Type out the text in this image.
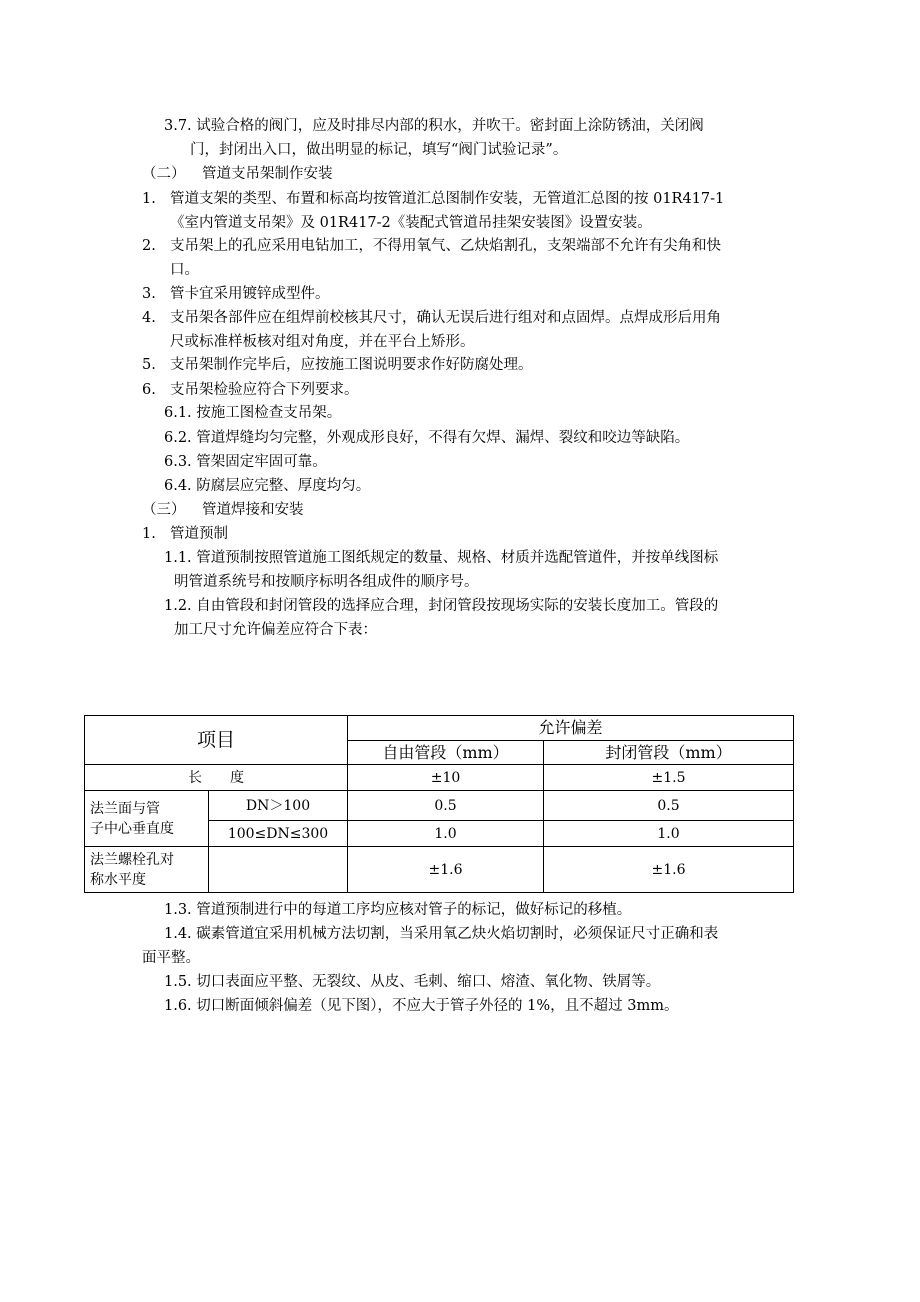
3.7. 试验合格的阀门，应及时排尽内部的积水，并吹干。密封面上涂防锈油，关闭阀
门，封闭出入口，做出明显的标记，填写“阀门试验记录”。
（二） 管道支吊架制作安装
1. 管道支架的类型、布置和标高均按管道汇总图制作安装，无管道汇总图的按 01R417-1
《室内管道支吊架》及 01R417-2《装配式管道吊挂架安装图》设置安装。
2. 支吊架上的孔应采用电钻加工，不得用氧气、乙炔焰割孔，支架端部不允许有尖角和快
口。
3. 管卡宜采用镀锌成型件。
4. 支吊架各部件应在组焊前校核其尺寸，确认无误后进行组对和点固焊。点焊成形后用角
尺或标准样板核对组对角度，并在平台上矫形。
5. 支吊架制作完毕后，应按施工图说明要求作好防腐处理。
6. 支吊架检验应符合下列要求。
6.1. 按施工图检查支吊架。
6.2. 管道焊缝均匀完整，外观成形良好，不得有欠焊、漏焊、裂纹和咬边等缺陷。
6.3. 管架固定牢固可靠。
6.4. 防腐层应完整、厚度均匀。
（三） 管道焊接和安装
1. 管道预制
1.1. 管道预制按照管道施工图纸规定的数量、规格、材质并选配管道件，并按单线图标
明管道系统号和按顺序标明各组成件的顺序号。
1.2. 自由管段和封闭管段的选择应合理，封闭管段按现场实际的安装长度加工。管段的
加工尺寸允许偏差应符合下表：
项目		允许偏差	
		自由管段（mm）	封闭管段（mm）
长　　度		±10	±1.5

法兰面与管
子中心垂直度	DN＞100	0.5	0.5
	100≤DN≤300	1.0	1.0

法兰螺栓孔对
称水平度		±1.6	±1.6
1.3. 管道预制进行中的每道工序均应核对管子的标记，做好标记的移植。
1.4. 碳素管道宜采用机械方法切割，当采用氧乙炔火焰切割时，必须保证尺寸正确和表
面平整。
1.5. 切口表面应平整、无裂纹、从皮、毛刺、缩口、熔渣、氧化物、铁屑等。
1.6. 切口断面倾斜偏差（见下图），不应大于管子外径的 1%，且不超过 3mm。
